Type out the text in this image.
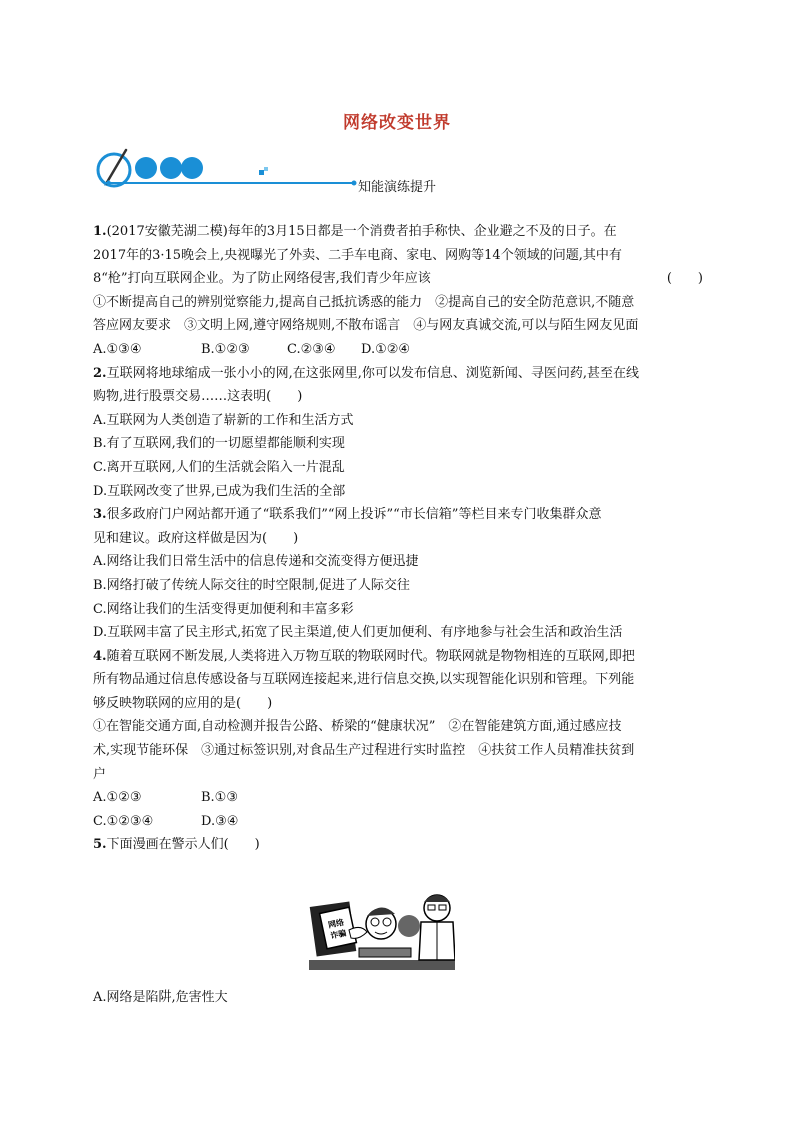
网络改变世界
知能演练提升

1.(2017安徽芜湖二模)每年的3月15日都是一个消费者拍手称快、企业避之不及的日子。在

2017年的3·15晚会上,央视曝光了外卖、二手车电商、家电、网购等14个领域的问题,其中有

8“枪”打向互联网企业。为了防止网络侵害,我们青少年应该	(　　)

①不断提高自己的辨别觉察能力,提高自己抵抗诱惑的能力　②提高自己的安全防范意识,不随意

答应网友要求　③文明上网,遵守网络规则,不散布谣言　④与网友真诚交流,可以与陌生网友见面

A.①③④	B.①②③	C.②③④ D.①②④

2.互联网将地球缩成一张小小的网,在这张网里,你可以发布信息、浏览新闻、寻医问药,甚至在线

购物,进行股票交易……这表明(　　)

A.互联网为人类创造了崭新的工作和生活方式

B.有了互联网,我们的一切愿望都能顺利实现

C.离开互联网,人们的生活就会陷入一片混乱

D.互联网改变了世界,已成为我们生活的全部

3.很多政府门户网站都开通了“联系我们”“网上投诉”“市长信箱”等栏目来专门收集群众意

见和建议。政府这样做是因为(　　)

A.网络让我们日常生活中的信息传递和交流变得方便迅捷

B.网络打破了传统人际交往的时空限制,促进了人际交往

C.网络让我们的生活变得更加便利和丰富多彩

D.互联网丰富了民主形式,拓宽了民主渠道,使人们更加便利、有序地参与社会生活和政治生活

4.随着互联网不断发展,人类将进入万物互联的物联网时代。物联网就是物物相连的互联网,即把

所有物品通过信息传感设备与互联网连接起来,进行信息交换,以实现智能化识别和管理。下列能

够反映物联网的应用的是(　　)

①在智能交通方面,自动检测并报告公路、桥梁的“健康状况”　②在智能建筑方面,通过感应技

术,实现节能环保　③通过标签识别,对食品生产过程进行实时监控　④扶贫工作人员精准扶贫到

户

A.①②③	B.①③

C.①②③④	D.③④

5.下面漫画在警示人们(　　)

网络
诈骗
A.网络是陷阱,危害性大
